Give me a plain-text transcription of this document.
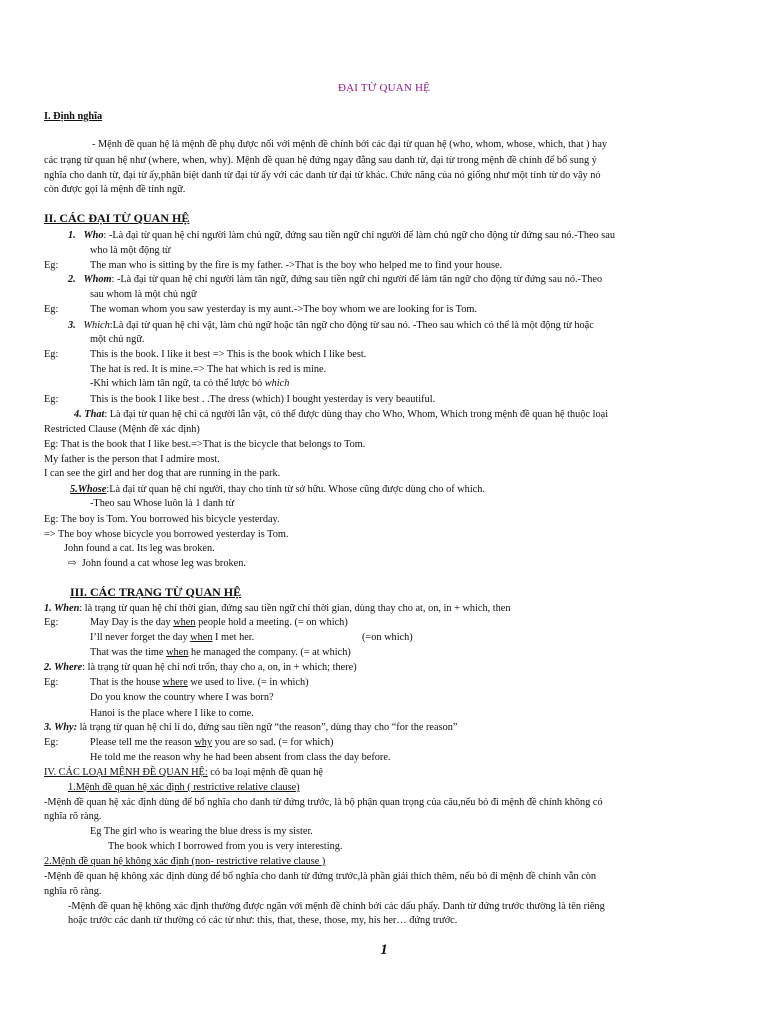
ĐẠI TỪ QUAN HỆ
I. Định nghĩa
- Mệnh đề quan hệ là mệnh đề phụ được nối với mệnh đề chính bởi các đại từ quan hệ (who, whom, whose, which, that ) hay
các trạng từ quan hệ như (where, when, why). Mệnh đề quan hệ đứng ngay đằng sau danh từ, đại từ trong mệnh đề chính để bổ sung ý
nghĩa cho danh từ, đại từ ấy,phân biệt danh từ đại từ ấy với các danh từ đại từ khác. Chức năng của nó giống như một tính từ do vậy nó
còn được gọi là mệnh đề tính ngữ.
II. CÁC ĐẠI TỪ QUAN HỆ
1. Who: -Là đại từ quan hệ chỉ người làm chủ ngữ, đứng sau tiền ngữ chỉ người để làm chủ ngữ cho động từ đứng sau nó.-Theo sau
who là một động từ
Eg:	The man who is sitting by the fire is my father. ->That is the boy who helped me to find your house.
2. Whom: -Là đại từ quan hệ chỉ người làm tân ngữ, đứng sau tiền ngữ chỉ người để làm tân ngữ cho động từ đứng sau nó.-Theo
sau whom là một chủ ngữ
Eg:	The woman whom you saw yesterday is my aunt.->The boy whom we are looking for is Tom.
3. Which:Là đại từ quan hệ chỉ vật, làm chủ ngữ hoặc tân ngữ cho động từ sau nó. -Theo sau which có thể là một động từ hoặc
một chủ ngữ.
Eg:	This is the book. I like it best => This is the book which I like best.
The hat is red. It is mine.=> The hat which is red is mine.
-Khi which làm tân ngữ, ta có thể lược bỏ which
Eg:	This is the book I like best . .The dress (which) I bought yesterday is very beautiful.
4. That: Là đại từ quan hệ chỉ cả người lẫn vật, có thể được dùng thay cho Who, Whom, Which trong mệnh đề quan hệ thuộc loại
Restricted Clause (Mệnh đề xác định)
Eg: That is the book that I like best.=>That is the bicycle that belongs to Tom.
My father is the person that I admire most.
I can see the girl and her dog that are running in the park.
5.Whose:Là đại từ quan hệ chỉ người, thay cho tính từ sở hữu. Whose cũng được dùng cho of which.
-Theo sau Whose luôn là 1 danh từ
Eg: The boy is Tom. You borrowed his bicycle yesterday.
=> The boy whose bicycle you borrowed yesterday is Tom.
John found a cat. Its leg was broken.
⇨ John found a cat whose leg was broken.
III. CÁC TRẠNG TỪ QUAN HỆ
1. When: là trạng từ quan hệ chỉ thời gian, đứng sau tiền ngữ chỉ thời gian, dùng thay cho at, on, in + which, then
Eg:	May Day is the day when people hold a meeting. (= on which)
I’ll never forget the day when I met her.	(=on which)
That was the time when he managed the company. (= at which)
2. Where: là trạng từ quan hệ chỉ nơi trốn, thay cho a, on, in + which; there)
Eg:	That is the house where we used to live. (= in which)
Do you know the country where I was born?
Hanoi is the place where I like to come.
3. Why: là trạng từ quan hệ chỉ lí do, đứng sau tiền ngữ “the reason”, dùng thay cho “for the reason”
Eg:	Please tell me the reason why you are so sad. (= for which)
He told me the reason why he had been absent from class the day before.
IV. CÁC LOẠI MỆNH ĐỀ QUAN HỆ: có ba loại mệnh đề quan hệ
1.Mệnh đề quan hệ xác định ( restrictive relative clause)
-Mệnh đề quan hệ xác định dùng để bổ nghĩa cho danh từ đứng trước, là bộ phận quan trọng của câu,nếu bỏ đi mệnh đề chính không có
nghĩa rõ ràng.
Eg The girl who is wearing the blue dress is my sister.
The book which I borrowed from you is very interesting.
2.Mệnh đề quan hệ không xác định (non- restrictive relative clause )
-Mệnh đề quan hệ không xác định dùng để bổ nghĩa cho danh từ đứng trước,là phần giải thích thêm, nếu bỏ đi mệnh đề chính vẫn còn
nghĩa rõ ràng.
-Mệnh đề quan hệ không xác định thường được ngăn với mệnh đề chính bởi các dấu phẩy. Danh từ đứng trước thường là tên riêng
hoặc trước các danh từ thường có các từ như: this, that, these, those, my, his her… đứng trước.
1
